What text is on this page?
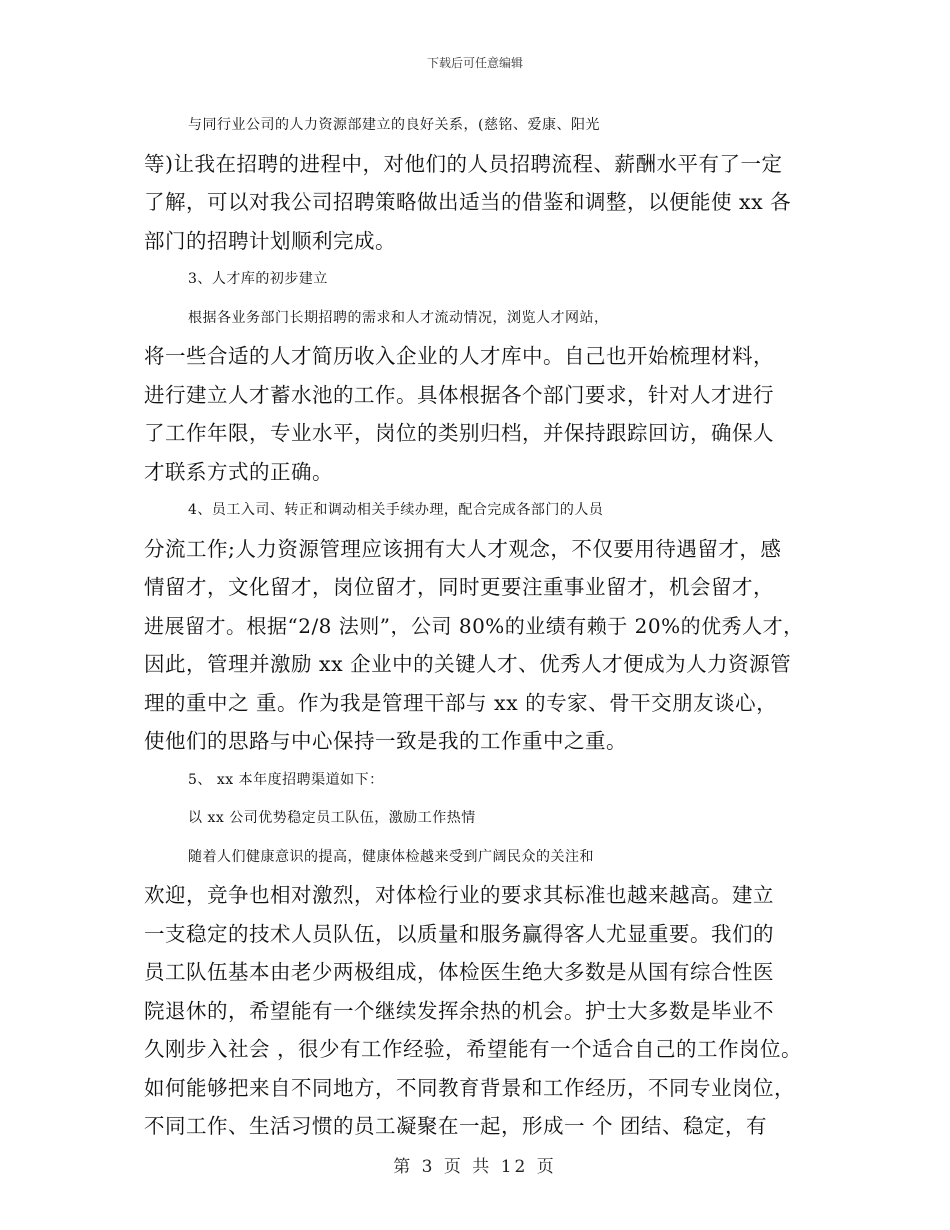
下载后可任意编辑
与同行业公司的人力资源部建立的良好关系，(慈铭、爱康、阳光
等)让我在招聘的进程中，对他们的人员招聘流程、薪酬水平有了一定
了解，可以对我公司招聘策略做出适当的借鉴和调整，以便能使 xx 各
部门的招聘计划顺利完成。
3、人才库的初步建立
根据各业务部门长期招聘的需求和人才流动情况，浏览人才网站，
将一些合适的人才简历收入企业的人才库中。自己也开始梳理材料，
进行建立人才蓄水池的工作。具体根据各个部门要求，针对人才进行
了工作年限，专业水平，岗位的类别归档，并保持跟踪回访，确保人
才联系方式的正确。
4、员工入司、转正和调动相关手续办理，配合完成各部门的人员
分流工作;人力资源管理应该拥有大人才观念，不仅要用待遇留才，感
情留才，文化留才，岗位留才，同时更要注重事业留才，机会留才，
进展留才。根据“2/8 法则”，公司 80%的业绩有赖于 20%的优秀人才，
因此，管理并激励 xx 企业中的关键人才、优秀人才便成为人力资源管
理的重中之 重。作为我是管理干部与 xx 的专家、骨干交朋友谈心，
使他们的思路与中心保持一致是我的工作重中之重。
5、 xx 本年度招聘渠道如下：
以 xx 公司优势稳定员工队伍，激励工作热情
随着人们健康意识的提高，健康体检越来受到广阔民众的关注和
欢迎，竞争也相对激烈，对体检行业的要求其标准也越来越高。建立
一支稳定的技术人员队伍，以质量和服务赢得客人尤显重要。我们的
员工队伍基本由老少两极组成，体检医生绝大多数是从国有综合性医
院退休的，希望能有一个继续发挥余热的机会。护士大多数是毕业不
久刚步入社会 ，很少有工作经验，希望能有一个适合自己的工作岗位。
如何能够把来自不同地方，不同教育背景和工作经历，不同专业岗位，
不同工作、生活习惯的员工凝聚在一起，形成一 个 团结、稳定，有
第 3 页 共 12 页
